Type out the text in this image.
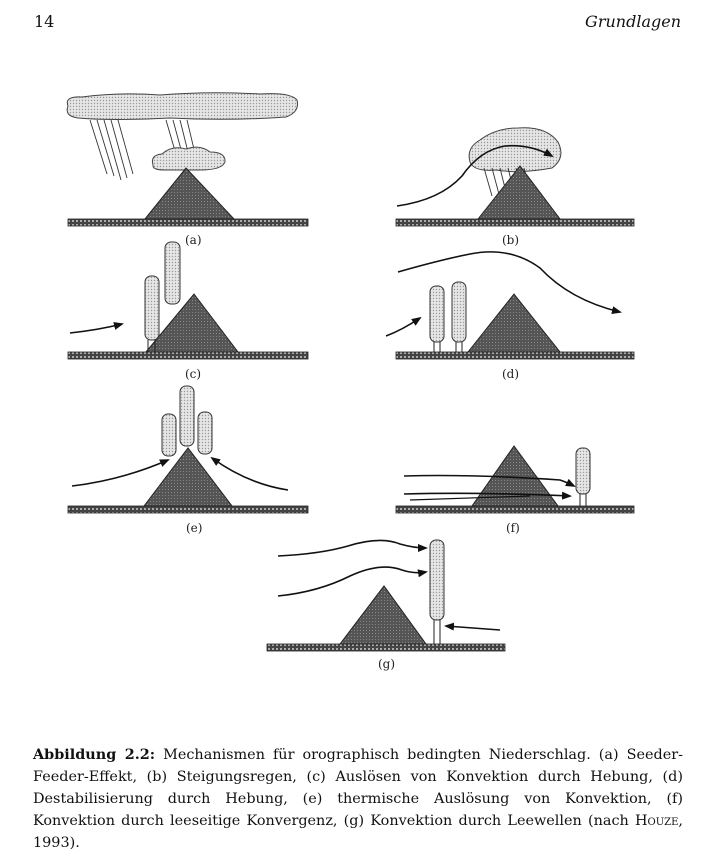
14	Grundlagen
(a)	(b)
(c)	(d)
(e)	(f)
(g)

Abbildung 2.2: Mechanismen für orographisch bedingten Niederschlag. (a) Seeder-Feeder-Effekt, (b) Steigungsregen, (c) Auslösen von Konvektion durch Hebung, (d) Destabilisierung durch Hebung, (e) thermische Auslösung von Konvektion, (f) Konvektion durch leeseitige Konvergenz, (g) Konvektion durch Leewellen (nach Houze, 1993).
